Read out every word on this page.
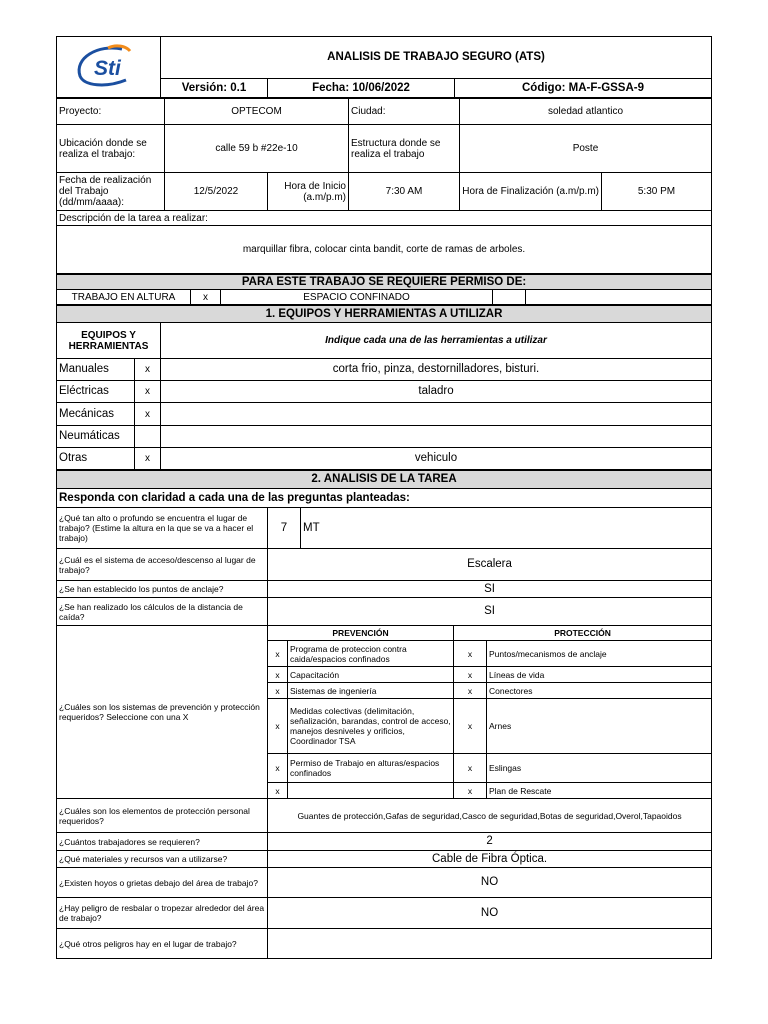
Sti	ANALISIS DE TRABAJO SEGURO (ATS)		
	Versión: 0.1	Fecha: 10/06/2022	Código: MA-F-GSSA-9
Proyecto:	OPTECOM		Ciudad:	soledad atlantico	
Ubicación donde se realiza el trabajo:	calle 59 b #22e-10		Estructura donde se realiza el trabajo	Poste	
Fecha de realización del Trabajo (dd/mm/aaaa):	12/5/2022	Hora de Inicio (a.m/p.m)	7:30 AM	Hora de Finalización (a.m/p.m)	5:30 PM
Descripción de la tarea a realizar:					
marquillar fibra, colocar cinta bandit, corte de ramas de arboles.					
PARA ESTE TRABAJO SE REQUIERE PERMISO DE:
TRABAJO EN ALTURA	x	ESPACIO CONFINADO		
1. EQUIPOS Y HERRAMIENTAS A UTILIZAR		
EQUIPOS Y HERRAMIENTAS		Indique cada una de las herramientas a utilizar
Manuales	x	corta frio, pinza, destornilladores, bisturi.
Eléctricas	x	taladro
Mecánicas	x	
Neumáticas		
Otras	x	vehiculo
2. ANALISIS DE LA TAREA					
Responda con claridad a cada una de las preguntas planteadas:					
¿Qué tan alto o profundo se encuentra el lugar de trabajo? (Estime la altura en la que se va a hacer el trabajo)	7		MT		
¿Cuál es el sistema de acceso/descenso al lugar de trabajo?	Escalera				
¿Se han establecido los puntos de anclaje?	SI				
¿Se han realizado los cálculos de la distancia de caída?	SI				
¿Cuáles son los sistemas de prevención y protección requeridos? Seleccione con una X	PREVENCIÓN			PROTECCIÓN	
	x	Programa de proteccion contra caida/espacios confinados		x	Puntos/mecanismos de anclaje
	x	Capacitación		x	Líneas de vida
	x	Sistemas de ingeniería		x	Conectores
	x	Medidas colectivas (delimitación, señalización, barandas, control de acceso, manejos desniveles y orificios, Coordinador TSA		x	Arnes
	x	Permiso de Trabajo en alturas/espacios confinados		x	Eslingas
	x			x	Plan de Rescate
¿Cuáles son los elementos de protección personal requeridos?	Guantes de protección,Gafas de seguridad,Casco de seguridad,Botas de seguridad,Overol,Tapaoidos				
¿Cuántos trabajadores se requieren?	2				
¿Qué materiales y recursos van a utilizarse?	Cable de Fibra Óptica.				
¿Existen hoyos o grietas debajo del área de trabajo?	NO				
¿Hay peligro de resbalar o tropezar alrededor del área de trabajo?	NO				
¿Qué otros peligros hay en el lugar de trabajo?					
